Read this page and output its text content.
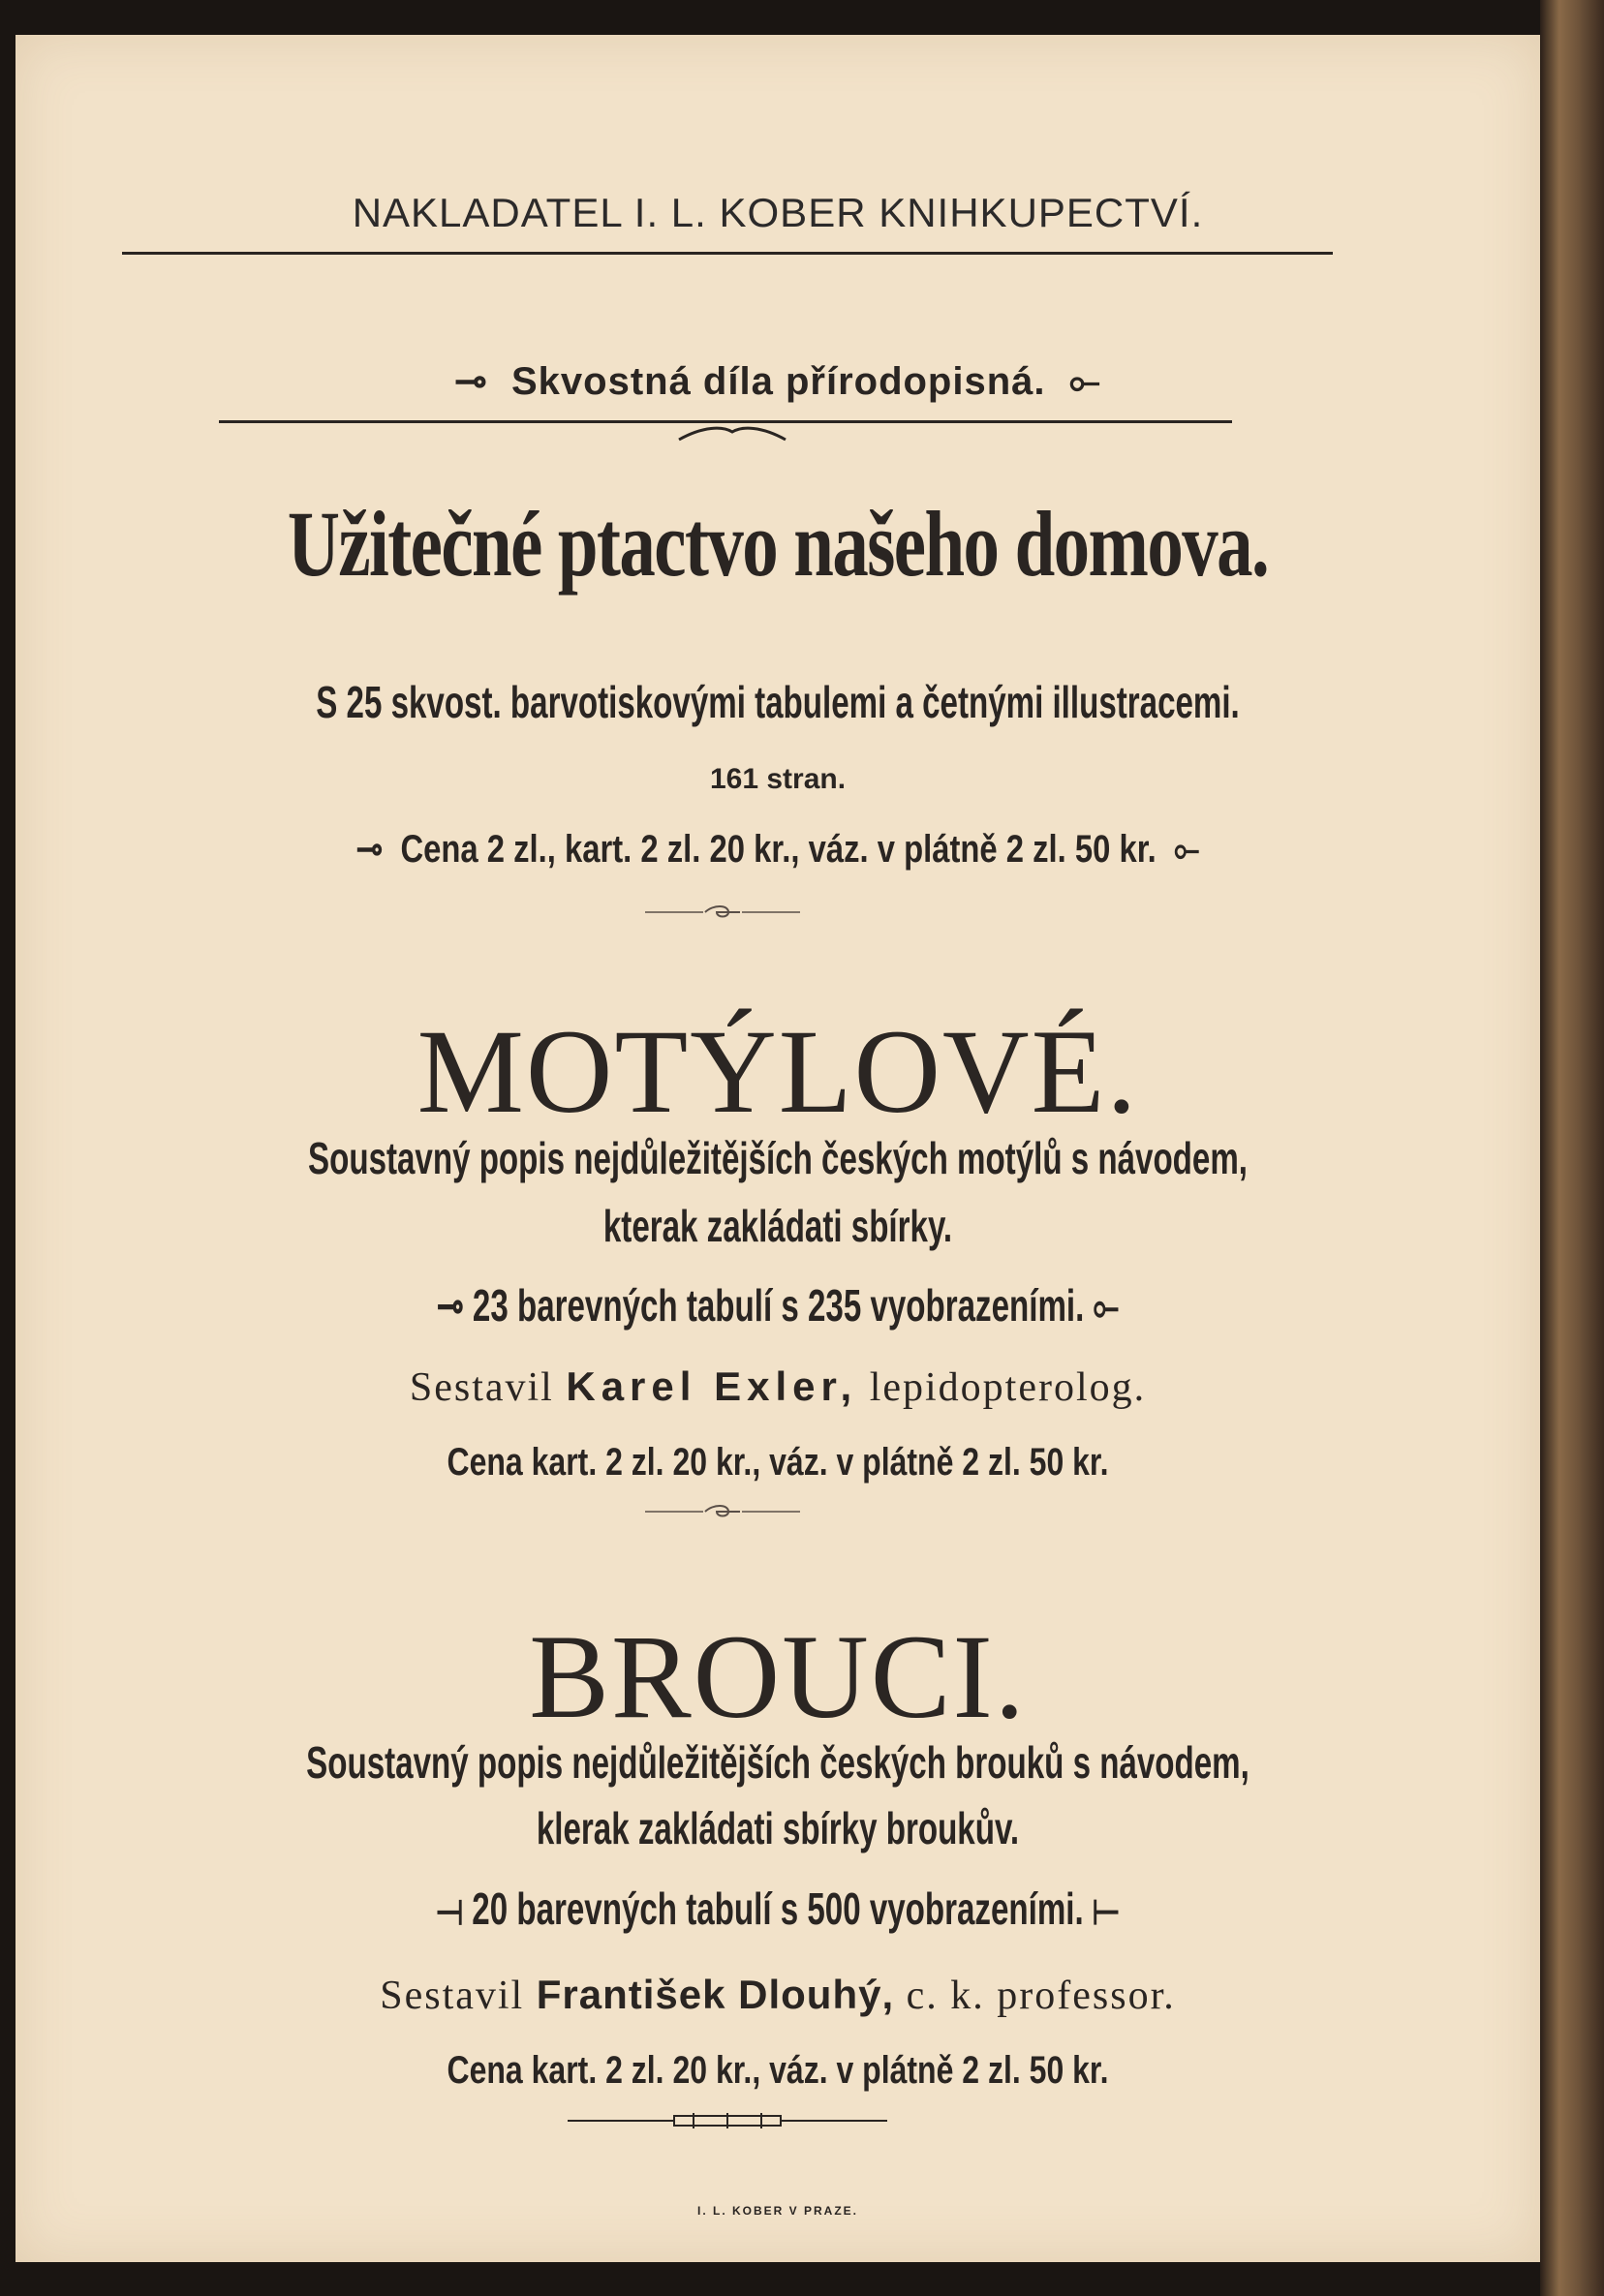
NAKLADATEL I. L. KOBER KNIHKUPECTVÍ.
⊸  Skvostná díla přírodopisná.  ⟜
Užitečné ptactvo našeho domova.
S 25 skvost. barvotiskovými tabulemi a četnými illustracemi.
161 stran.
⊸  Cena 2 zl., kart. 2 zl. 20 kr., váz. v plátně 2 zl. 50 kr.  ⟜
MOTÝLOVÉ.
Soustavný popis nejdůležitějších českých motýlů s návodem,
kterak zakládati sbírky.
⊸ 23 barevných tabulí s 235 vyobrazeními. ⟜
Sestavil Karel Exler, lepidopterolog.
Cena kart. 2 zl. 20 kr., váz. v plátně 2 zl. 50 kr.
BROUCI.
Soustavný popis nejdůležitějších českých brouků s návodem,
klerak zakládati sbírky broukův.
⟞ 20 barevných tabulí s 500 vyobrazeními. ⟝
Sestavil František Dlouhý, c. k. professor.
Cena kart. 2 zl. 20 kr., váz. v plátně 2 zl. 50 kr.
I. L. KOBER V PRAZE.
